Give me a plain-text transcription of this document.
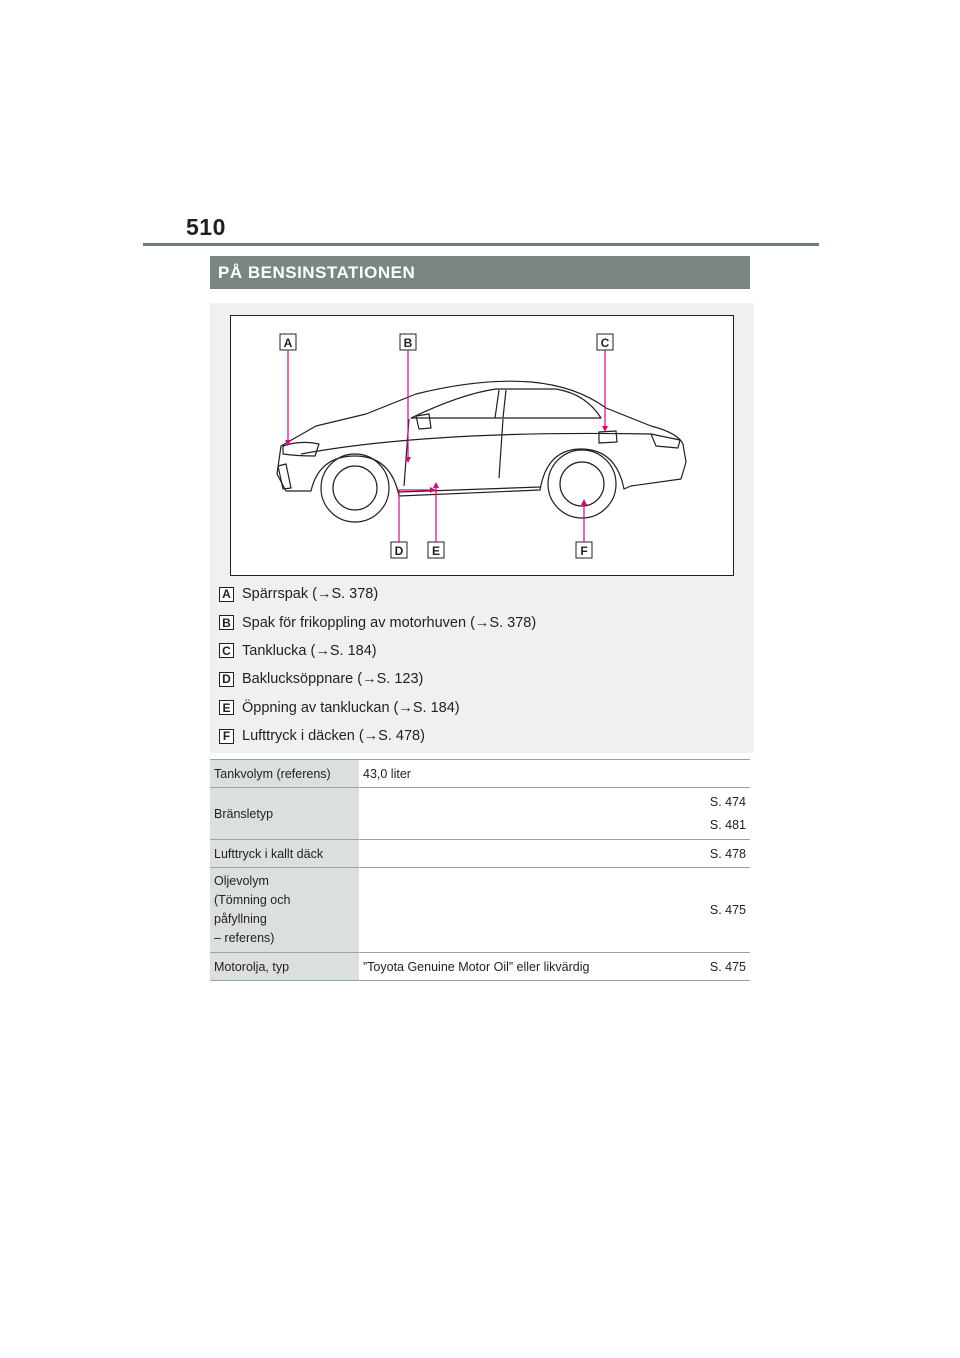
510
PÅ BENSINSTATIONEN
A	B	C
D E	F
A Spärrspak (→S. 378)
B Spak för frikoppling av motorhuven (→S. 378)
C Tanklucka (→S. 184)
D Baklucksöppnare (→S. 123)
E Öppning av tankluckan (→S. 184)
F Lufttryck i däcken (→S. 478)
Tankvolym (referens)	43,0 liter	
Bränsletyp		S. 474
S. 481

Lufttryck i kallt däck		S. 478

Oljevolym
(Tömning och
påfyllning
– referens)		S. 475
Motorolja, typ	”Toyota Genuine Motor Oil” eller likvärdig	S. 475
